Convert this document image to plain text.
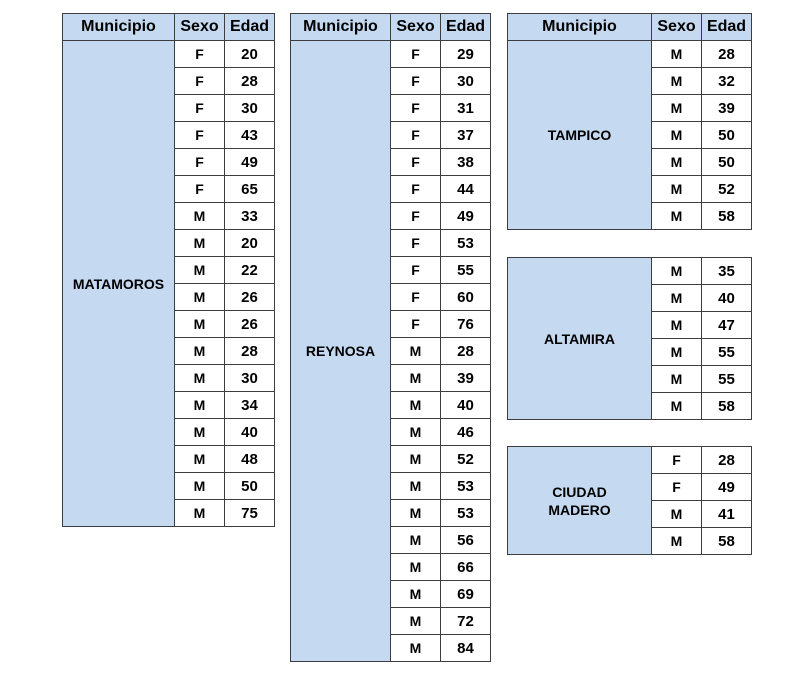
Municipio	Sexo	Edad
MATAMOROS	F	20
	F	28
	F	30
	F	43
	F	49
	F	65
	M	33
	M	20
	M	22
	M	26
	M	26
	M	28
	M	30
	M	34
	M	40
	M	48
	M	50
	M	75
Municipio	Sexo	Edad
REYNOSA	F	29
	F	30
	F	31
	F	37
	F	38
	F	44
	F	49
	F	53
	F	55
	F	60
	F	76
	M	28
	M	39
	M	40
	M	46
	M	52
	M	53
	M	53
	M	56
	M	66
	M	69
	M	72
	M	84
Municipio	Sexo	Edad
TAMPICO	M	28
	M	32
	M	39
	M	50
	M	50
	M	52
	M	58
ALTAMIRA	M	35
	M	40
	M	47
	M	55
	M	55
	M	58
CIUDAD MADERO	F	28
	F	49
	M	41
	M	58
